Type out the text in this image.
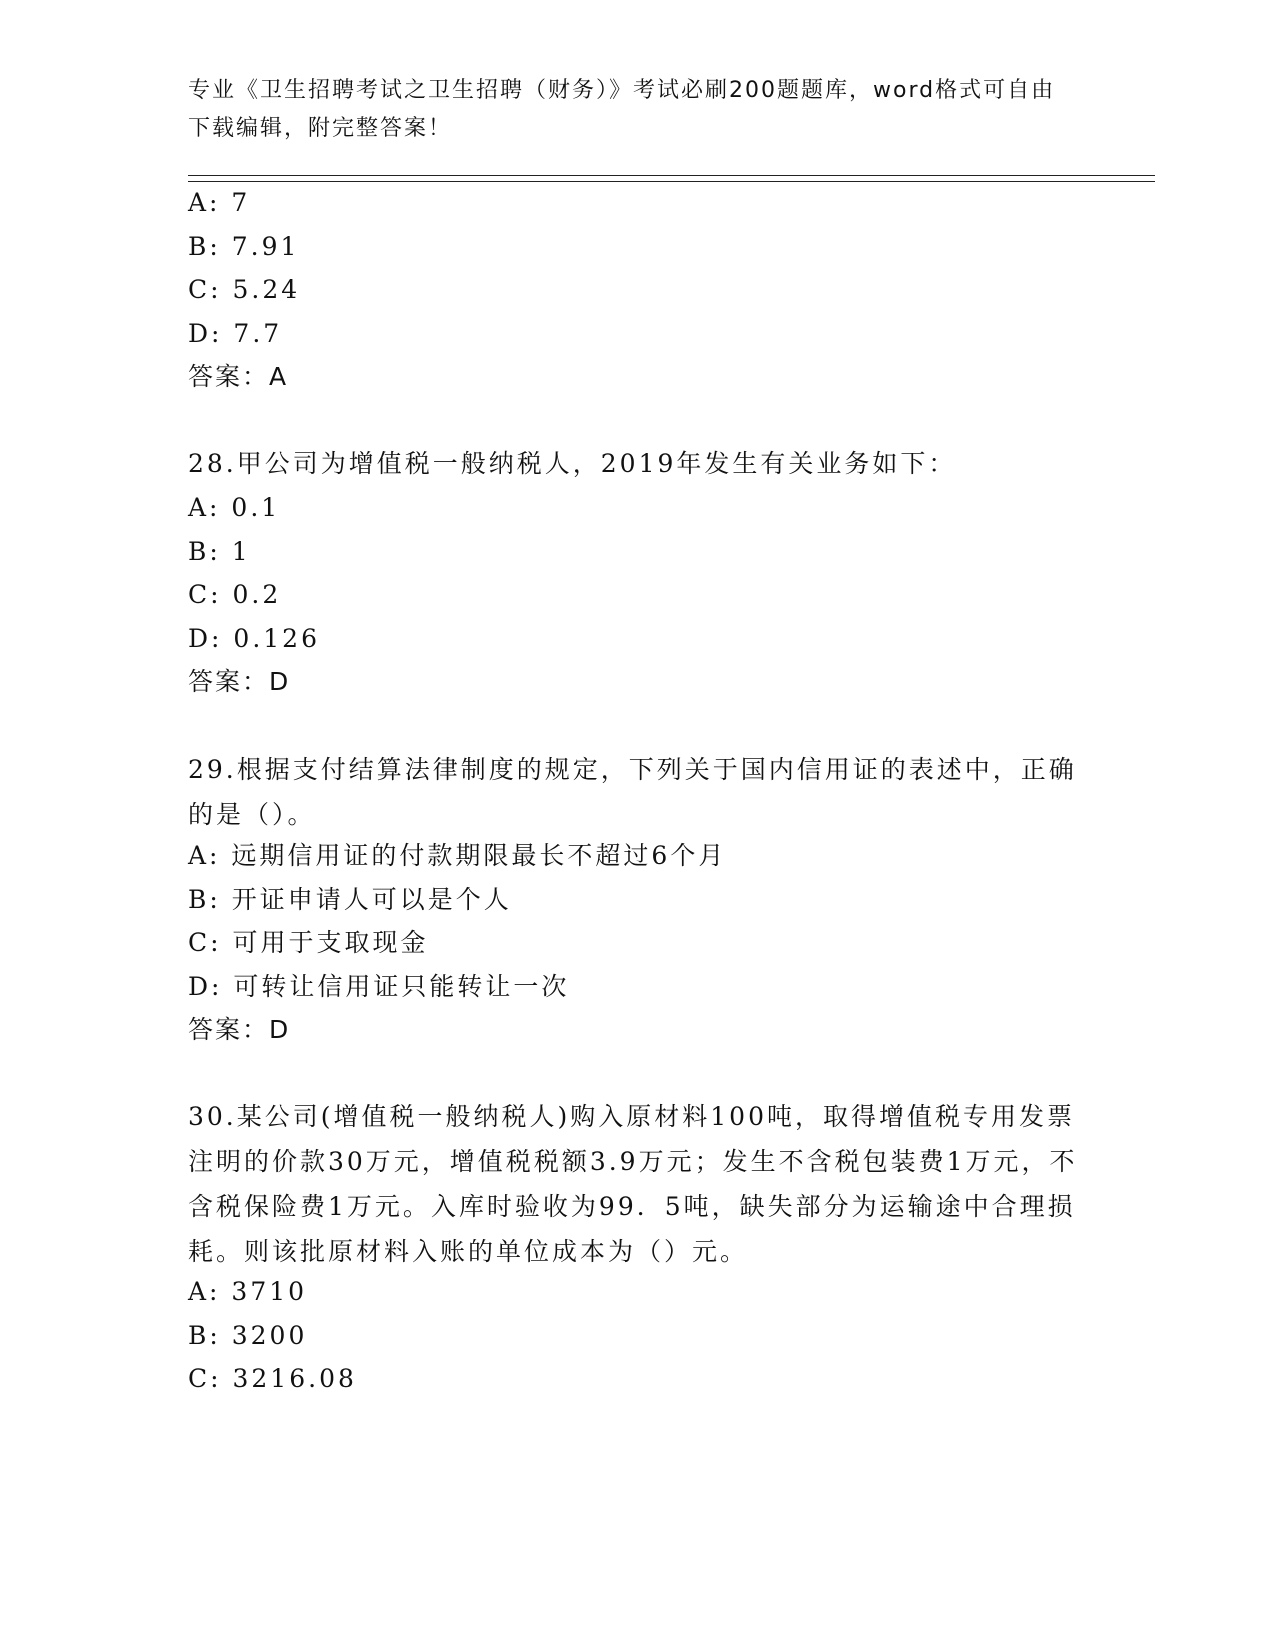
专业《卫生招聘考试之卫生招聘（财务）》考试必刷200题题库，word格式可自由下载编辑，附完整答案！
A: 7
B: 7.91
C: 5.24
D: 7.7
答案：A
28.甲公司为增值税一般纳税人，2019年发生有关业务如下：
A: 0.1
B: 1
C: 0.2
D: 0.126
答案：D
29.根据支付结算法律制度的规定，下列关于国内信用证的表述中，正确的是（）。
A: 远期信用证的付款期限最长不超过6个月
B: 开证申请人可以是个人
C: 可用于支取现金
D: 可转让信用证只能转让一次
答案：D
30.某公司(增值税一般纳税人)购入原材料100吨，取得增值税专用发票注明的价款30万元，增值税税额3.9万元；发生不含税包装费1万元，不含税保险费1万元。入库时验收为99．5吨，缺失部分为运输途中合理损耗。则该批原材料入账的单位成本为（）元。
A: 3710
B: 3200
C: 3216.08
